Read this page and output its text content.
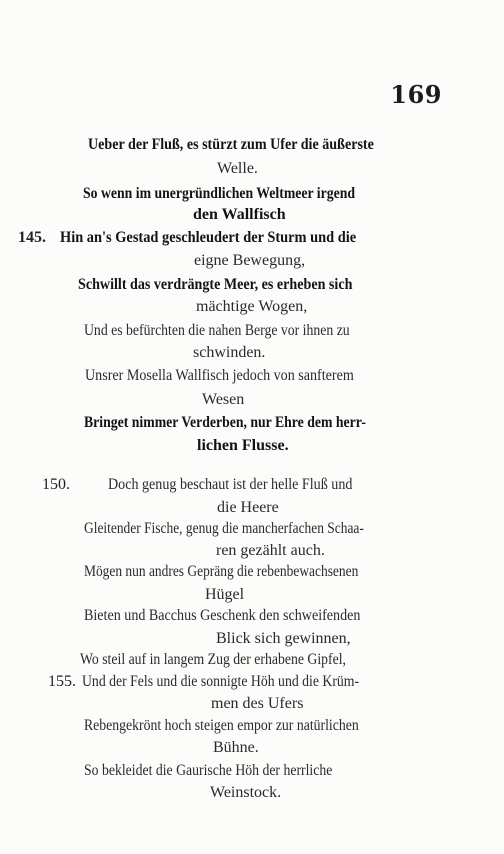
169
Ueber der Fluß, es stürzt zum Ufer die äußerste
Welle.
So wenn im unergründlichen Weltmeer irgend
den Wallfisch
145. Hin an's Gestad geschleudert der Sturm und die
eigne Bewegung,
Schwillt das verdrängte Meer, es erheben sich
mächtige Wogen,
Und es befürchten die nahen Berge vor ihnen zu
schwinden.
Unsrer Mosella Wallfisch jedoch von sanfterem
Wesen
Bringet nimmer Verderben, nur Ehre dem herr-
lichen Flusse.
150. Doch genug beschaut ist der helle Fluß und
die Heere
Gleitender Fische, genug die mancherfachen Schaa-
ren gezählt auch.
Mögen nun andres Gepräng die rebenbewachsenen
Hügel
Bieten und Bacchus Geschenk den schweifenden
Blick sich gewinnen,
Wo steil auf in langem Zug der erhabene Gipfel,
155. Und der Fels und die sonnigte Höh und die Krüm-
men des Ufers
Rebengekrönt hoch steigen empor zur natürlichen
Bühne.
So bekleidet die Gaurische Höh der herrliche
Weinstock.
